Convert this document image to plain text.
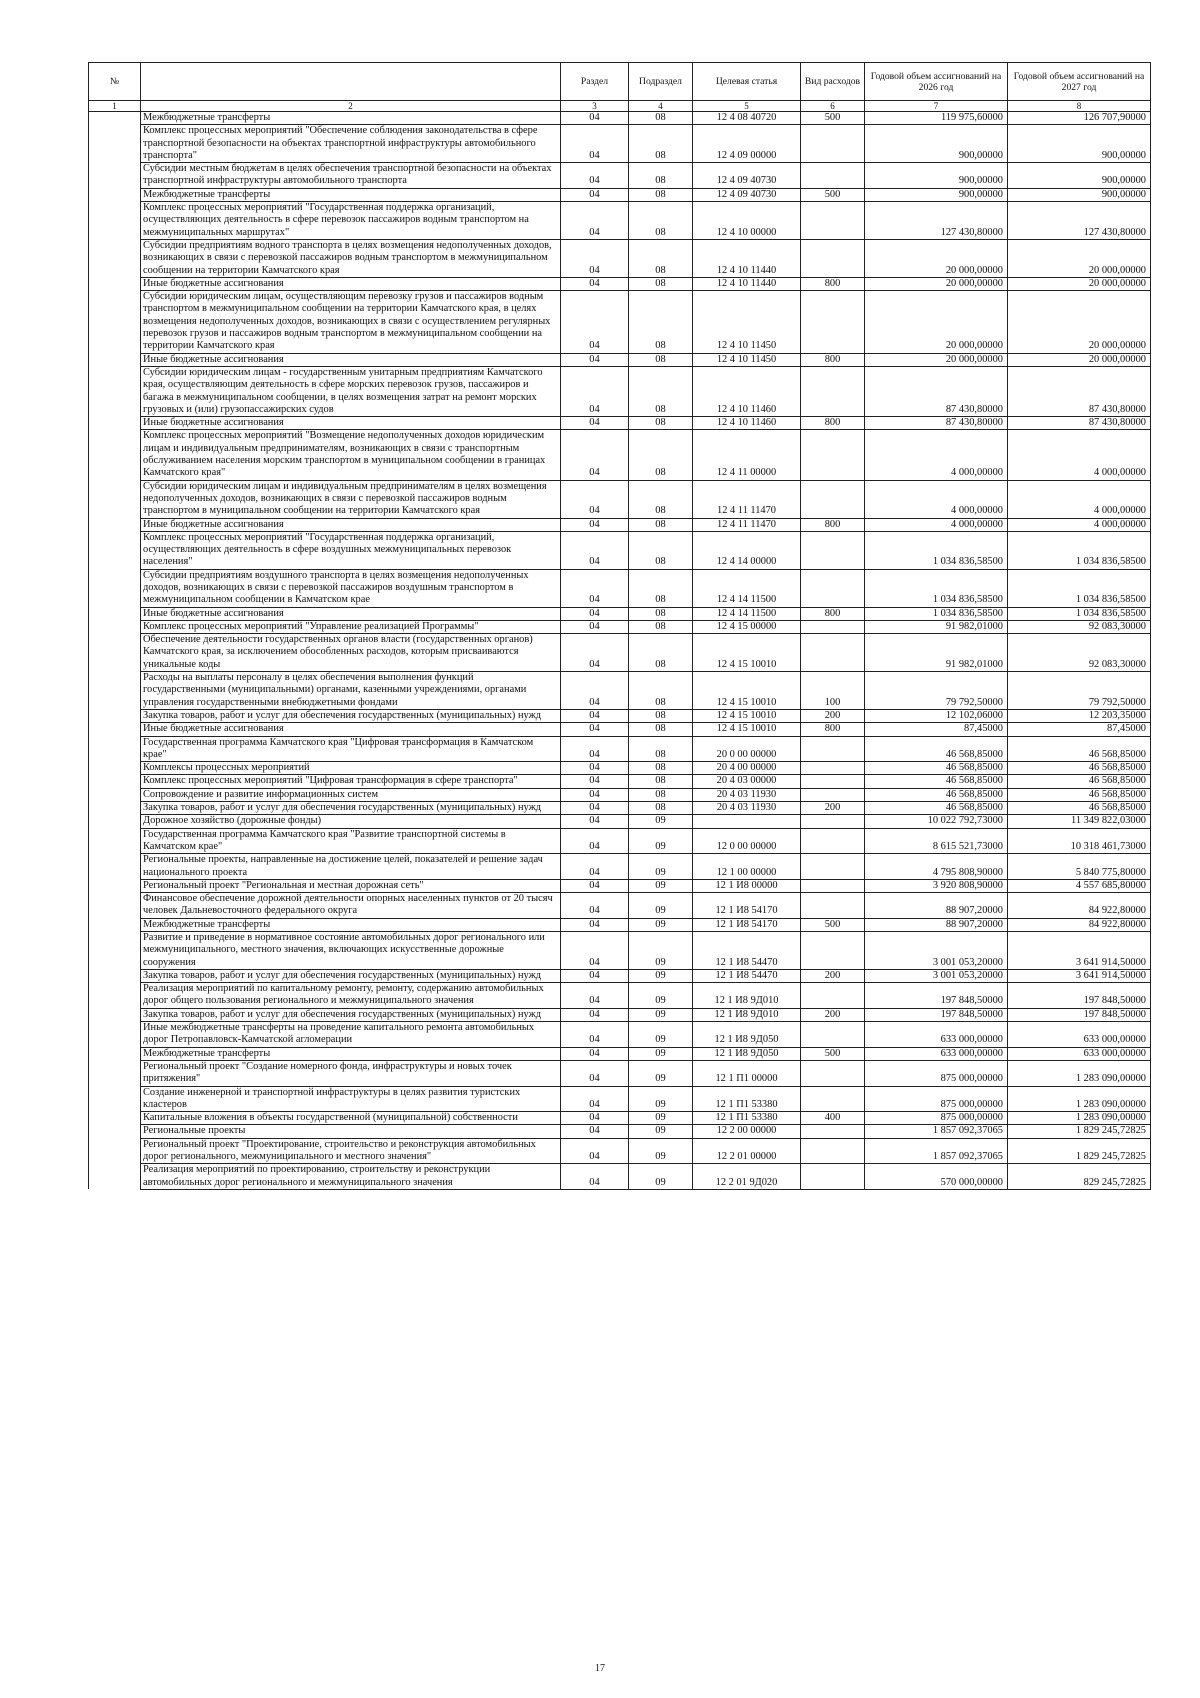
№		Раздел	Подраздел	Целевая статья	Вид расходов	Годовой объем ассигнований на 2026 год	Годовой объем ассигнований на 2027 год
1	2	3	4	5	6	7	8
	Межбюджетные трансферты	04	08	12 4 08 40720	500	119 975,60000	126 707,90000
	Комплекс процессных мероприятий "Обеспечение соблюдения законодательства в сфере транспортной безопасности на объектах транспортной инфраструктуры автомобильного транспорта"	04	08	12 4 09 00000		900,00000	900,00000
	Субсидии местным бюджетам в целях обеспечения транспортной безопасности на объектах транспортной инфраструктуры автомобильного транспорта	04	08	12 4 09 40730		900,00000	900,00000
	Межбюджетные трансферты	04	08	12 4 09 40730	500	900,00000	900,00000
	Комплекс процессных мероприятий "Государственная поддержка организаций, осуществляющих деятельность в сфере перевозок пассажиров водным транспортом на межмуниципальных маршрутах"	04	08	12 4 10 00000		127 430,80000	127 430,80000
	Субсидии предприятиям водного транспорта в целях возмещения недополученных доходов, возникающих в связи с перевозкой пассажиров водным транспортом в межмуниципальном сообщении на территории Камчатского края	04	08	12 4 10 11440		20 000,00000	20 000,00000
	Иные бюджетные ассигнования	04	08	12 4 10 11440	800	20 000,00000	20 000,00000
	Субсидии юридическим лицам, осуществляющим перевозку грузов и пассажиров водным транспортом в межмуниципальном сообщении на территории Камчатского края, в целях возмещения недополученных доходов, возникающих в связи с осуществлением регулярных перевозок грузов и пассажиров водным транспортом в межмуниципальном сообщении на территории Камчатского края	04	08	12 4 10 11450		20 000,00000	20 000,00000
	Иные бюджетные ассигнования	04	08	12 4 10 11450	800	20 000,00000	20 000,00000
	Субсидии юридическим лицам - государственным унитарным предприятиям Камчатского края, осуществляющим деятельность в сфере морских перевозок грузов, пассажиров и багажа в межмуниципальном сообщении, в целях возмещения затрат на ремонт морских грузовых и (или) грузопассажирских судов	04	08	12 4 10 11460		87 430,80000	87 430,80000
	Иные бюджетные ассигнования	04	08	12 4 10 11460	800	87 430,80000	87 430,80000
	Комплекс процессных мероприятий "Возмещение недополученных доходов юридическим лицам и индивидуальным предпринимателям, возникающих в связи с транспортным обслуживанием населения морским транспортом в муниципальном сообщении в границах Камчатского края"	04	08	12 4 11 00000		4 000,00000	4 000,00000
	Субсидии юридическим лицам и индивидуальным предпринимателям в целях возмещения недополученных доходов, возникающих в связи с перевозкой пассажиров водным транспортом в муниципальном сообщении на территории Камчатского края	04	08	12 4 11 11470		4 000,00000	4 000,00000
	Иные бюджетные ассигнования	04	08	12 4 11 11470	800	4 000,00000	4 000,00000
	Комплекс процессных мероприятий "Государственная поддержка организаций, осуществляющих деятельность в сфере воздушных межмуниципальных перевозок населения"	04	08	12 4 14 00000		1 034 836,58500	1 034 836,58500
	Субсидии предприятиям воздушного транспорта в целях возмещения недополученных доходов, возникающих в связи с перевозкой пассажиров воздушным транспортом в межмуниципальном сообщении в Камчатском крае	04	08	12 4 14 11500		1 034 836,58500	1 034 836,58500
	Иные бюджетные ассигнования	04	08	12 4 14 11500	800	1 034 836,58500	1 034 836,58500
	Комплекс процессных мероприятий "Управление реализацией Программы"	04	08	12 4 15 00000		91 982,01000	92 083,30000
	Обеспечение деятельности государственных органов власти (государственных органов) Камчатского края, за исключением обособленных расходов, которым присваиваются уникальные коды	04	08	12 4 15 10010		91 982,01000	92 083,30000
	Расходы на выплаты персоналу в целях обеспечения выполнения функций государственными (муниципальными) органами, казенными учреждениями, органами управления государственными внебюджетными фондами	04	08	12 4 15 10010	100	79 792,50000	79 792,50000
	Закупка товаров, работ и услуг для обеспечения государственных (муниципальных) нужд	04	08	12 4 15 10010	200	12 102,06000	12 203,35000
	Иные бюджетные ассигнования	04	08	12 4 15 10010	800	87,45000	87,45000
	Государственная программа Камчатского края "Цифровая трансформация в Камчатском крае"	04	08	20 0 00 00000		46 568,85000	46 568,85000
	Комплексы процессных мероприятий	04	08	20 4 00 00000		46 568,85000	46 568,85000
	Комплекс процессных мероприятий "Цифровая трансформация в сфере транспорта"	04	08	20 4 03 00000		46 568,85000	46 568,85000
	Сопровождение и развитие информационных систем	04	08	20 4 03 11930		46 568,85000	46 568,85000
	Закупка товаров, работ и услуг для обеспечения государственных (муниципальных) нужд	04	08	20 4 03 11930	200	46 568,85000	46 568,85000
	Дорожное хозяйство (дорожные фонды)	04	09			10 022 792,73000	11 349 822,03000
	Государственная программа Камчатского края "Развитие транспортной системы в Камчатском крае"	04	09	12 0 00 00000		8 615 521,73000	10 318 461,73000
	Региональные проекты, направленные на достижение целей, показателей и решение задач национального проекта	04	09	12 1 00 00000		4 795 808,90000	5 840 775,80000
	Региональный проект "Региональная и местная дорожная сеть"	04	09	12 1 И8 00000		3 920 808,90000	4 557 685,80000
	Финансовое обеспечение дорожной деятельности опорных населенных пунктов от 20 тысяч человек Дальневосточного федерального округа	04	09	12 1 И8 54170		88 907,20000	84 922,80000
	Межбюджетные трансферты	04	09	12 1 И8 54170	500	88 907,20000	84 922,80000
	Развитие и приведение в нормативное состояние автомобильных дорог регионального или межмуниципального, местного значения, включающих искусственные дорожные сооружения	04	09	12 1 И8 54470		3 001 053,20000	3 641 914,50000
	Закупка товаров, работ и услуг для обеспечения государственных (муниципальных) нужд	04	09	12 1 И8 54470	200	3 001 053,20000	3 641 914,50000
	Реализация мероприятий по капитальному ремонту, ремонту, содержанию автомобильных дорог общего пользования регионального и межмуниципального значения	04	09	12 1 И8 9Д010		197 848,50000	197 848,50000
	Закупка товаров, работ и услуг для обеспечения государственных (муниципальных) нужд	04	09	12 1 И8 9Д010	200	197 848,50000	197 848,50000
	Иные межбюджетные трансферты на проведение капитального ремонта автомобильных дорог Петропавловск-Камчатской агломерации	04	09	12 1 И8 9Д050		633 000,00000	633 000,00000
	Межбюджетные трансферты	04	09	12 1 И8 9Д050	500	633 000,00000	633 000,00000
	Региональный проект "Создание номерного фонда, инфраструктуры и новых точек притяжения"	04	09	12 1 П1 00000		875 000,00000	1 283 090,00000
	Создание инженерной и транспортной инфраструктуры в целях развития туристских кластеров	04	09	12 1 П1 53380		875 000,00000	1 283 090,00000
	Капитальные вложения в объекты государственной (муниципальной) собственности	04	09	12 1 П1 53380	400	875 000,00000	1 283 090,00000
	Региональные проекты	04	09	12 2 00 00000		1 857 092,37065	1 829 245,72825
	Региональный проект "Проектирование, строительство и реконструкция автомобильных дорог регионального, межмуниципального и местного значения"	04	09	12 2 01 00000		1 857 092,37065	1 829 245,72825
	Реализация мероприятий по проектированию, строительству и реконструкции автомобильных дорог регионального и межмуниципального значения	04	09	12 2 01 9Д020		570 000,00000	829 245,72825
17
